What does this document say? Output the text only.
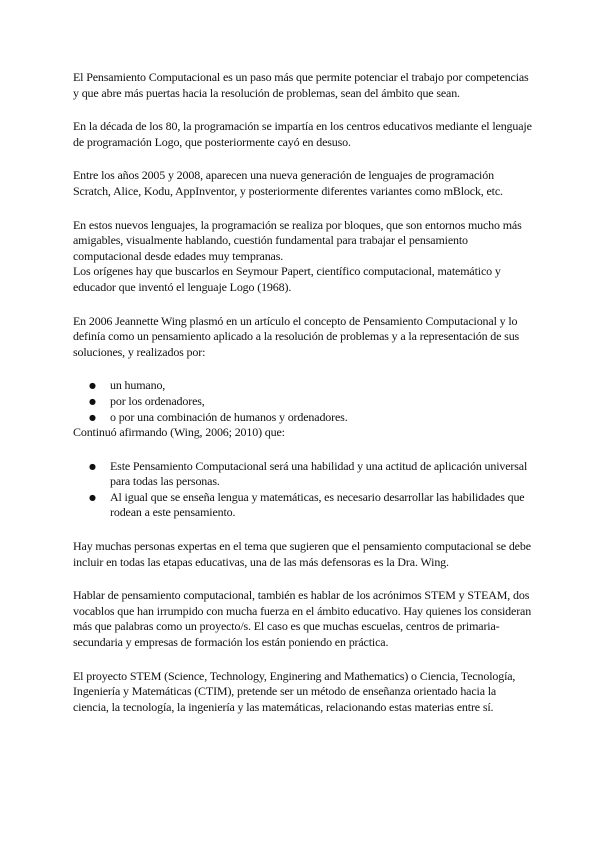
El Pensamiento Computacional es un paso más que permite potenciar el trabajo por competencias y que abre más puertas hacia la resolución de problemas, sean del ámbito que sean.

En la década de los 80, la programación se impartía en los centros educativos mediante el lenguaje de programación Logo, que posteriormente cayó en desuso.

Entre los años 2005 y 2008, aparecen una nueva generación de lenguajes de programación Scratch, Alice, Kodu, AppInventor, y posteriormente diferentes variantes como mBlock, etc.

En estos nuevos lenguajes, la programación se realiza por bloques, que son entornos mucho más amigables, visualmente hablando, cuestión fundamental para trabajar el pensamiento computacional desde edades muy tempranas.

Los orígenes hay que buscarlos en Seymour Papert, científico computacional, matemático y educador que inventó el lenguaje Logo (1968).

En 2006 Jeannette Wing plasmó en un artículo el concepto de Pensamiento Computacional y lo definía como un pensamiento aplicado a la resolución de problemas y a la representación de sus soluciones, y realizados por:

● un humano,
● por los ordenadores,
● o por una combinación de humanos y ordenadores.

Continuó afirmando (Wing, 2006; 2010) que:

● Este Pensamiento Computacional será una habilidad y una actitud de aplicación universal para todas las personas.
● Al igual que se enseña lengua y matemáticas, es necesario desarrollar las habilidades que rodean a este pensamiento.

Hay muchas personas expertas en el tema que sugieren que el pensamiento computacional se debe incluir en todas las etapas educativas, una de las más defensoras es la Dra. Wing.

Hablar de pensamiento computacional, también es hablar de los acrónimos STEM y STEAM, dos vocablos que han irrumpido con mucha fuerza en el ámbito educativo. Hay quienes los consideran más que palabras como un proyecto/s. El caso es que muchas escuelas, centros de primaria-secundaria y empresas de formación los están poniendo en práctica.

El proyecto STEM (Science, Technology, Enginering and Mathematics) o Ciencia, Tecnología, Ingeniería y Matemáticas (CTIM), pretende ser un método de enseñanza orientado hacia la ciencia, la tecnología, la ingeniería y las matemáticas, relacionando estas materias entre sí.
